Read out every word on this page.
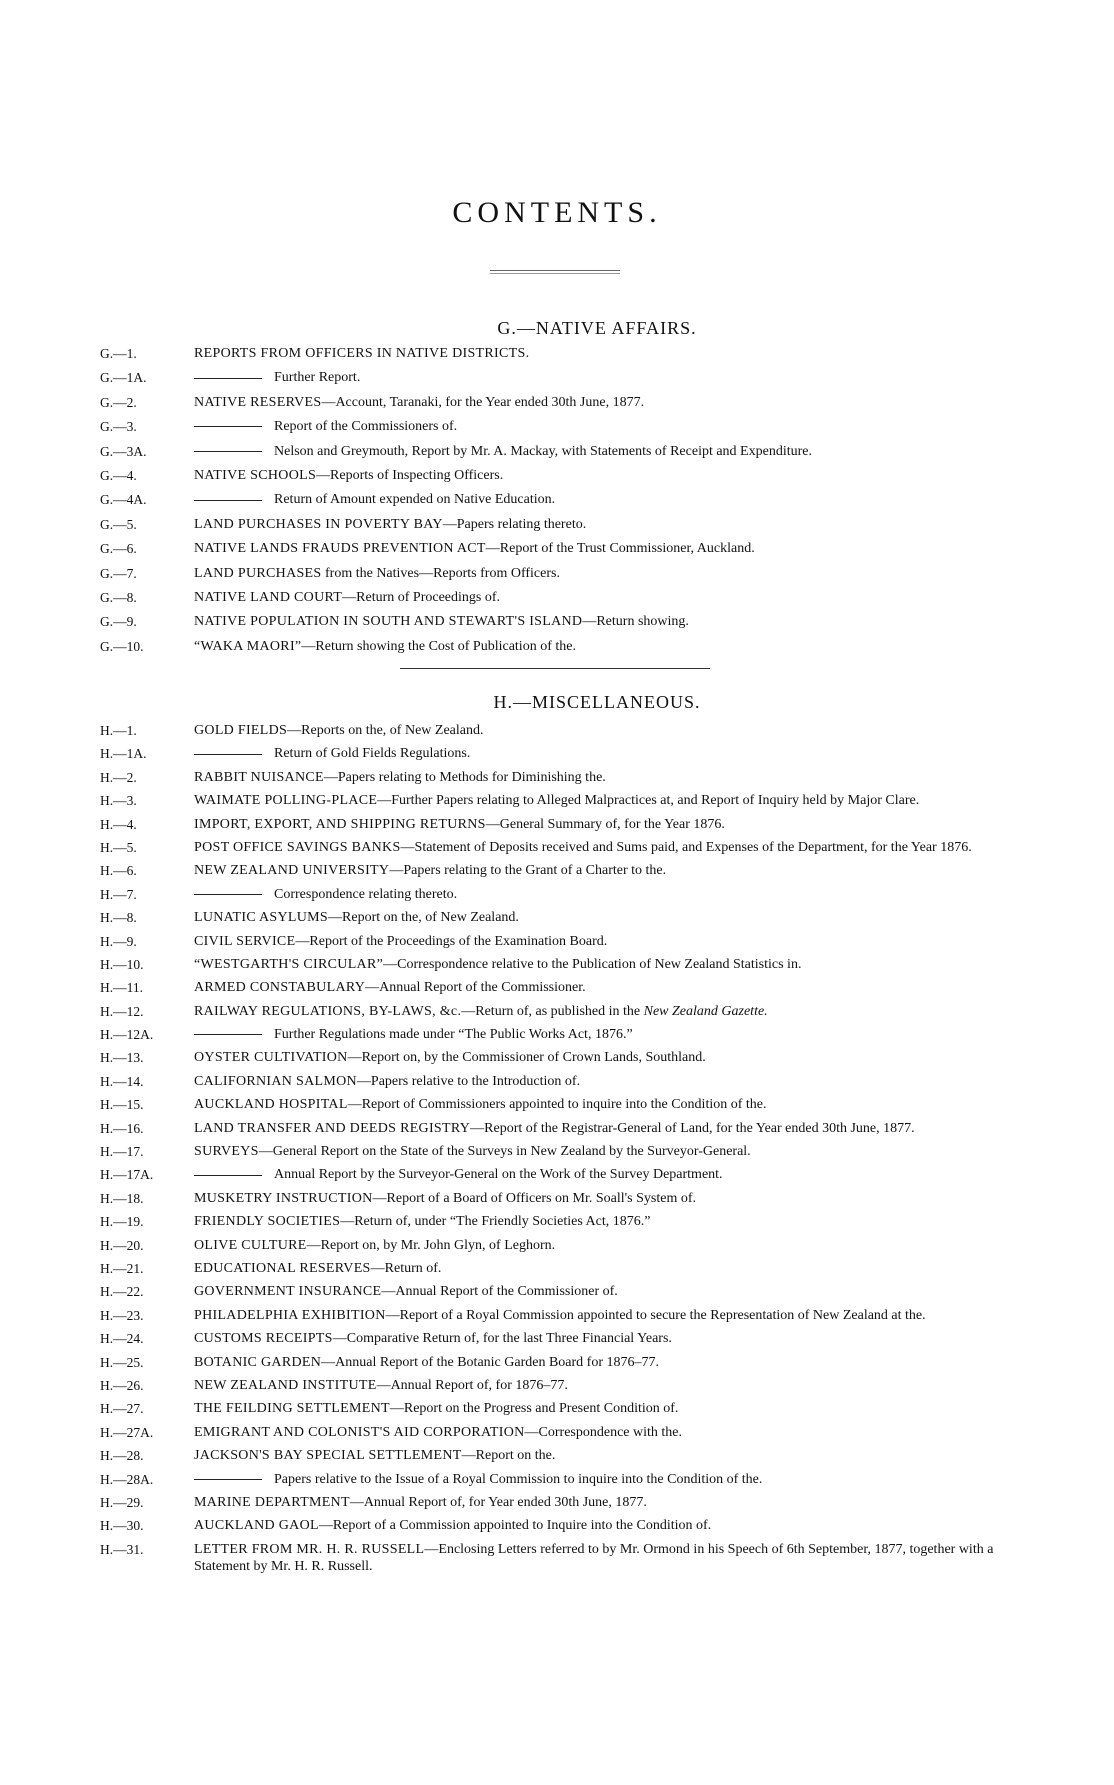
CONTENTS.
G.—NATIVE AFFAIRS.
G.—1.	REPORTS FROM OFFICERS IN NATIVE DISTRICTS.
G.—1A.	Further Report.
G.—2.	NATIVE RESERVES—Account, Taranaki, for the Year ended 30th June, 1877.
G.—3.	Report of the Commissioners of.
G.—3A.	Nelson and Greymouth, Report by Mr. A. Mackay, with Statements of Receipt and Expenditure.
G.—4.	NATIVE SCHOOLS—Reports of Inspecting Officers.
G.—4A.	Return of Amount expended on Native Education.
G.—5.	LAND PURCHASES IN POVERTY BAY—Papers relating thereto.
G.—6.	NATIVE LANDS FRAUDS PREVENTION ACT—Report of the Trust Commissioner, Auckland.
G.—7.	LAND PURCHASES from the Natives—Reports from Officers.
G.—8.	NATIVE LAND COURT—Return of Proceedings of.
G.—9.	NATIVE POPULATION IN SOUTH AND STEWART'S ISLAND—Return showing.
G.—10.	“WAKA MAORI”—Return showing the Cost of Publication of the.
H.—MISCELLANEOUS.
H.—1.	GOLD FIELDS—Reports on the, of New Zealand.
H.—1A.	Return of Gold Fields Regulations.
H.—2.	RABBIT NUISANCE—Papers relating to Methods for Diminishing the.
H.—3.	WAIMATE POLLING-PLACE—Further Papers relating to Alleged Malpractices at, and Report of Inquiry held by Major Clare.
H.—4.	IMPORT, EXPORT, AND SHIPPING RETURNS—General Summary of, for the Year 1876.
H.—5.	POST OFFICE SAVINGS BANKS—Statement of Deposits received and Sums paid, and Expenses of the Department, for the Year 1876.
H.—6.	NEW ZEALAND UNIVERSITY—Papers relating to the Grant of a Charter to the.
H.—7.	Correspondence relating thereto.
H.—8.	LUNATIC ASYLUMS—Report on the, of New Zealand.
H.—9.	CIVIL SERVICE—Report of the Proceedings of the Examination Board.
H.—10.	“WESTGARTH'S CIRCULAR”—Correspondence relative to the Publication of New Zealand Statistics in.
H.—11.	ARMED CONSTABULARY—Annual Report of the Commissioner.
H.—12.	RAILWAY REGULATIONS, BY-LAWS, &c.—Return of, as published in the New Zealand Gazette.
H.—12A.	Further Regulations made under “The Public Works Act, 1876.”
H.—13.	OYSTER CULTIVATION—Report on, by the Commissioner of Crown Lands, Southland.
H.—14.	CALIFORNIAN SALMON—Papers relative to the Introduction of.
H.—15.	AUCKLAND HOSPITAL—Report of Commissioners appointed to inquire into the Condition of the.
H.—16.	LAND TRANSFER AND DEEDS REGISTRY—Report of the Registrar-General of Land, for the Year ended 30th June, 1877.
H.—17.	SURVEYS—General Report on the State of the Surveys in New Zealand by the Surveyor-General.
H.—17A.	Annual Report by the Surveyor-General on the Work of the Survey Department.
H.—18.	MUSKETRY INSTRUCTION—Report of a Board of Officers on Mr. Soall's System of.
H.—19.	FRIENDLY SOCIETIES—Return of, under “The Friendly Societies Act, 1876.”
H.—20.	OLIVE CULTURE—Report on, by Mr. John Glyn, of Leghorn.
H.—21.	EDUCATIONAL RESERVES—Return of.
H.—22.	GOVERNMENT INSURANCE—Annual Report of the Commissioner of.
H.—23.	PHILADELPHIA EXHIBITION—Report of a Royal Commission appointed to secure the Representation of New Zealand at the.
H.—24.	CUSTOMS RECEIPTS—Comparative Return of, for the last Three Financial Years.
H.—25.	BOTANIC GARDEN—Annual Report of the Botanic Garden Board for 1876–77.
H.—26.	NEW ZEALAND INSTITUTE—Annual Report of, for 1876–77.
H.—27.	THE FEILDING SETTLEMENT—Report on the Progress and Present Condition of.
H.—27A.	EMIGRANT AND COLONIST'S AID CORPORATION—Correspondence with the.
H.—28.	JACKSON'S BAY SPECIAL SETTLEMENT—Report on the.
H.—28A.	Papers relative to the Issue of a Royal Commission to inquire into the Condition of the.
H.—29.	MARINE DEPARTMENT—Annual Report of, for Year ended 30th June, 1877.
H.—30.	AUCKLAND GAOL—Report of a Commission appointed to Inquire into the Condition of.
H.—31.	LETTER FROM MR. H. R. RUSSELL—Enclosing Letters referred to by Mr. Ormond in his Speech of 6th September, 1877, together with a Statement by Mr. H. R. Russell.
